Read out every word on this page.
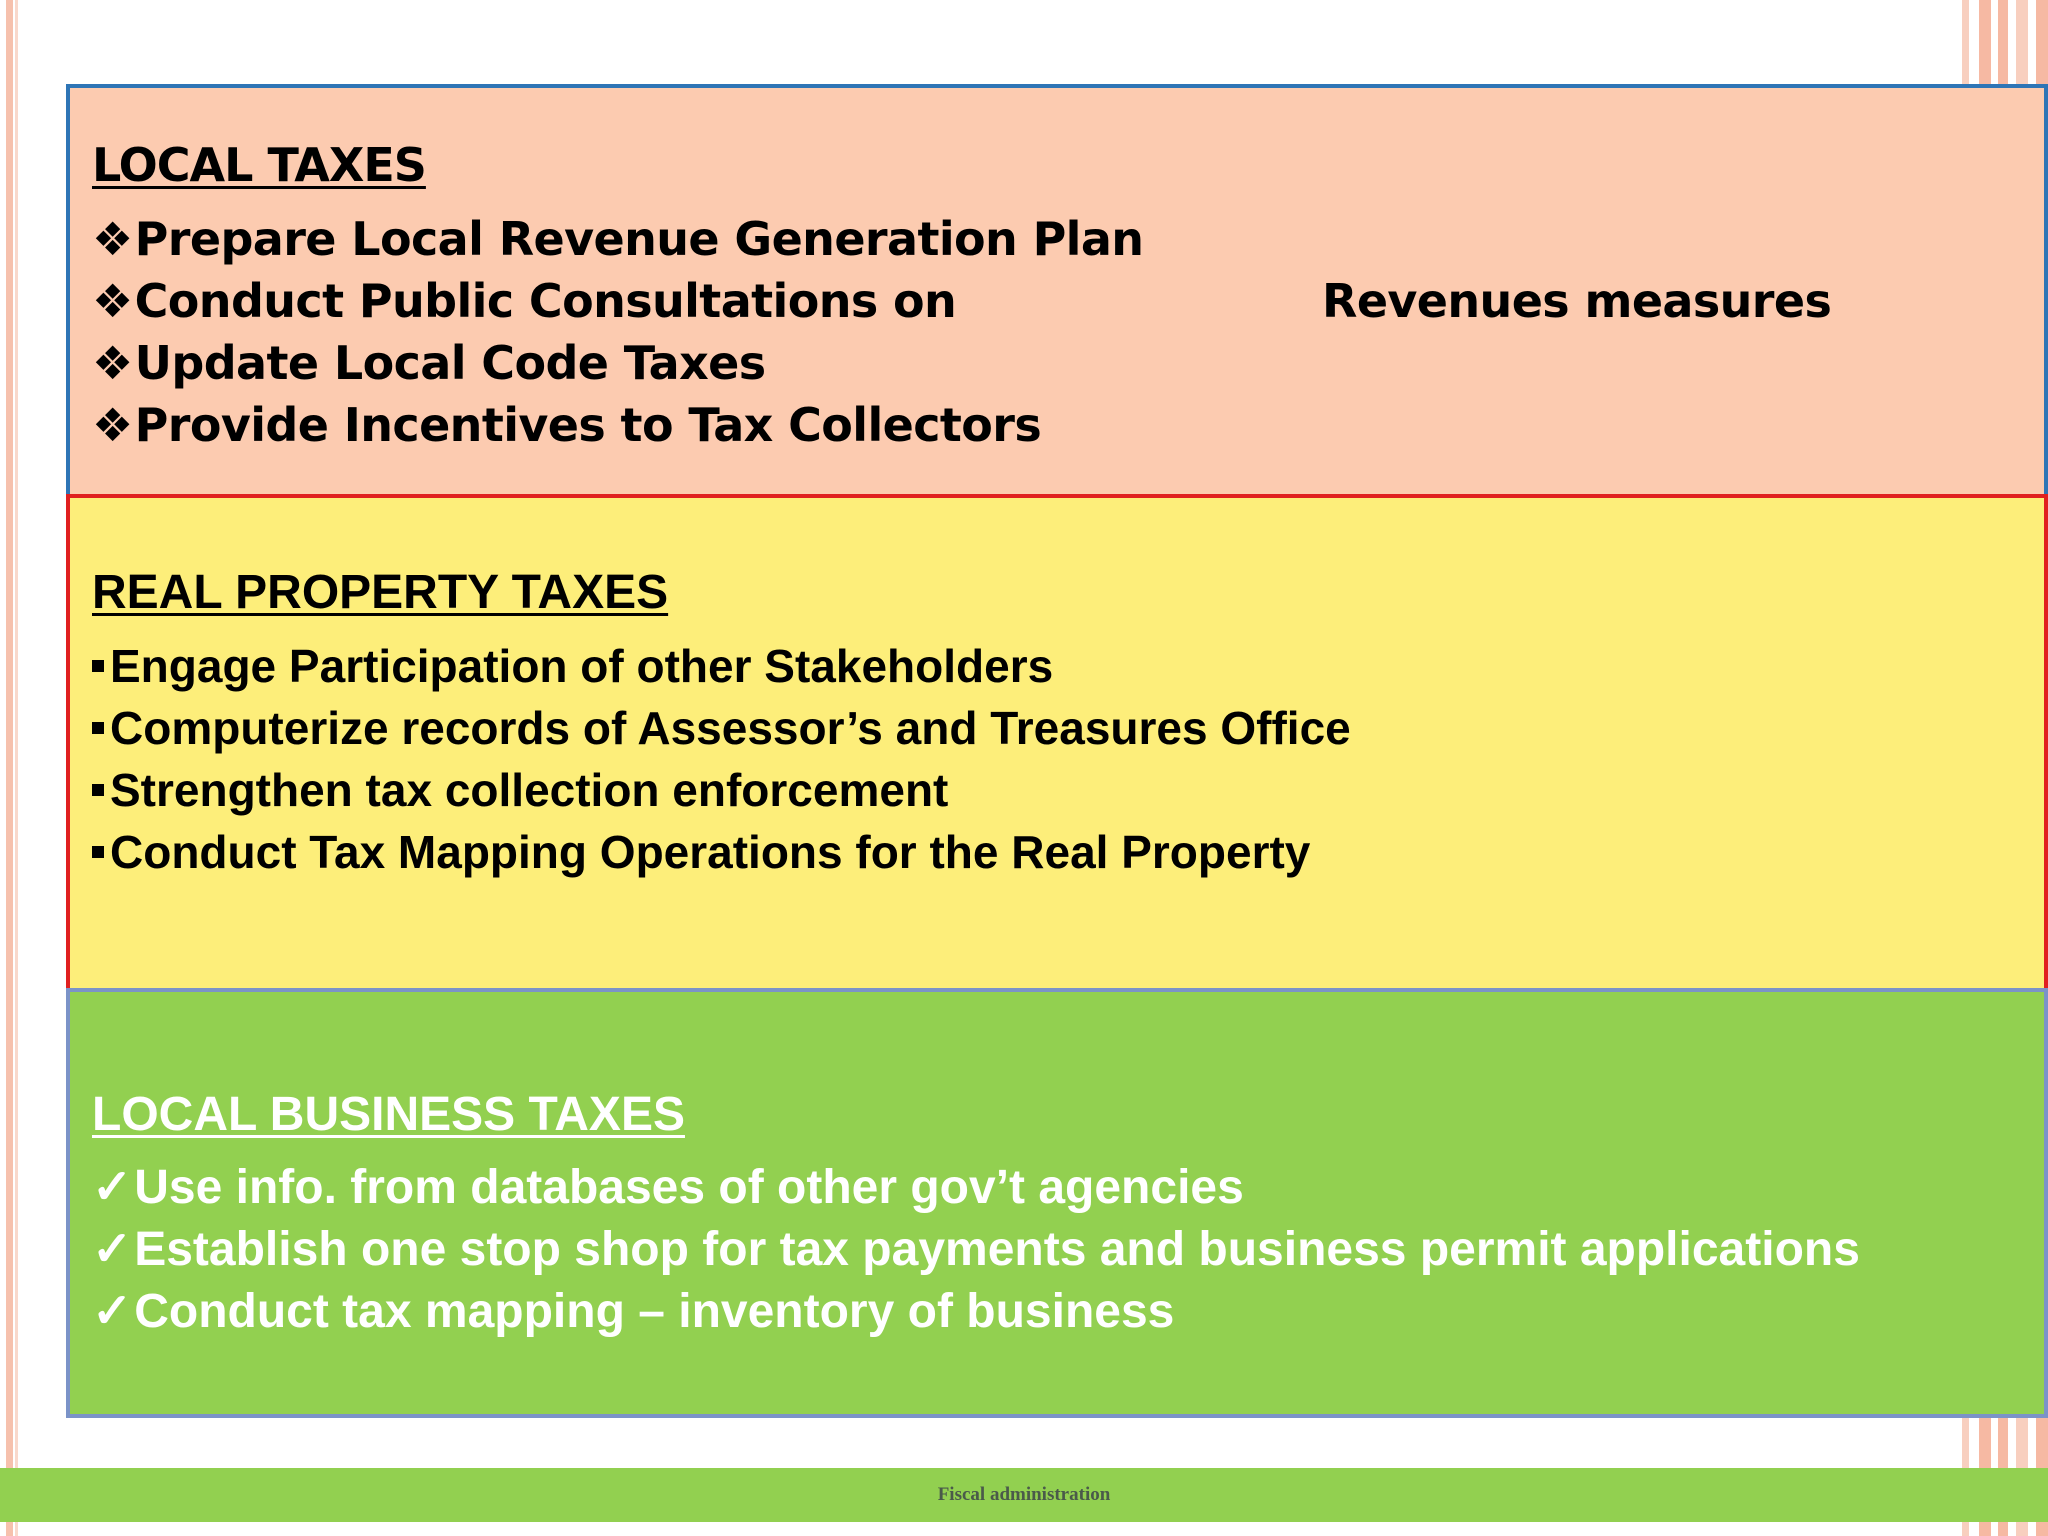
LOCAL TAXES
❖Prepare Local Revenue Generation Plan
❖Conduct Public Consultations on	Revenues measures
❖Update Local Code Taxes
❖Provide Incentives to Tax Collectors
REAL PROPERTY TAXES
Engage Participation of other Stakeholders
Computerize records of Assessor’s and Treasures Office
Strengthen tax collection enforcement
Conduct Tax Mapping Operations for the Real Property
LOCAL BUSINESS TAXES
✓Use info. from databases of other gov’t agencies
✓Establish one stop shop for tax payments and business permit applications
✓Conduct tax mapping – inventory of business
Fiscal administration
